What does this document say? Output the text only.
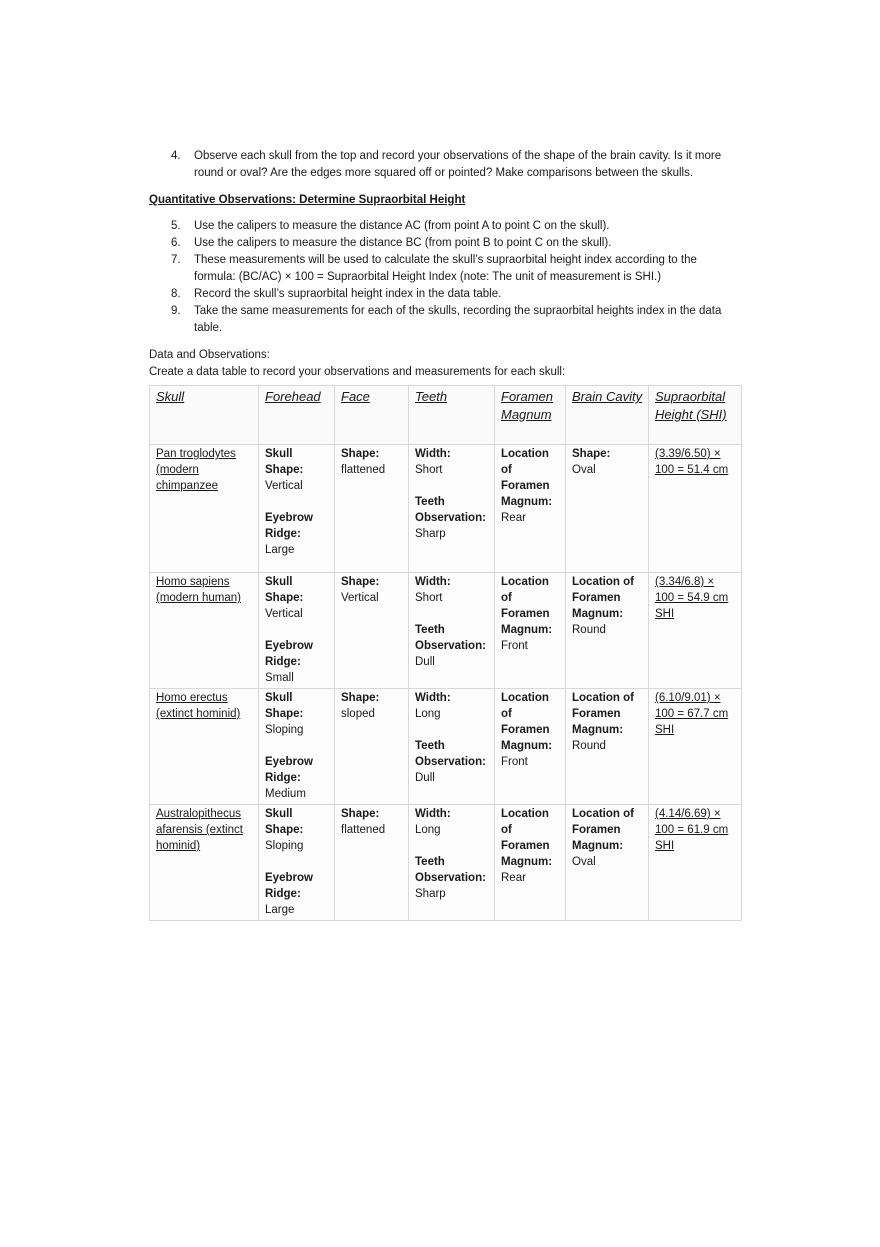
4. Observe each skull from the top and record your observations of the shape of the brain cavity. Is it more round or oval? Are the edges more squared off or pointed? Make comparisons between the skulls.
Quantitative Observations: Determine Supraorbital Height
5. Use the calipers to measure the distance AC (from point A to point C on the skull).
6. Use the calipers to measure the distance BC (from point B to point C on the skull).
7. These measurements will be used to calculate the skull’s supraorbital height index according to the formula: (BC/AC) × 100 = Supraorbital Height Index (note: The unit of measurement is SHI.)
8. Record the skull’s supraorbital height index in the data table.
9. Take the same measurements for each of the skulls, recording the supraorbital heights index in the data table.
Data and Observations:
Create a data table to record your observations and measurements for each skull:
Skull	Forehead	Face	Teeth	Foramen Magnum	Brain Cavity	Supraorbital Height (SHI)
Pan troglodytes (modern chimpanzee	Skull Shape:
Vertical
Eyebrow Ridge:
Large	Shape:
flattened	Width:
Short
Teeth Observation:
Sharp	Location of Foramen Magnum:
Rear	Shape:
Oval	(3.39/6.50) × 100 = 51.4 cm
Homo sapiens (modern human)	Skull Shape:
Vertical
Eyebrow Ridge:
Small	Shape:
Vertical	Width:
Short
Teeth Observation:
Dull	Location of Foramen Magnum:
Front	Location of Foramen Magnum:
Round	(3.34/6.8) × 100 = 54.9 cm SHI
Homo erectus (extinct hominid)	Skull Shape:
Sloping
Eyebrow Ridge:
Medium	Shape:
sloped	Width:
Long
Teeth Observation:
Dull	Location of Foramen Magnum:
Front	Location of Foramen Magnum:
Round	(6.10/9.01) × 100 = 67.7 cm SHI
Australopithecus afarensis (extinct hominid)	Skull Shape:
Sloping
Eyebrow Ridge:
Large	Shape:
flattened	Width:
Long
Teeth Observation:
Sharp	Location of Foramen Magnum:
Rear	Location of Foramen Magnum:
Oval	(4.14/6.69) × 100 = 61.9 cm SHI
